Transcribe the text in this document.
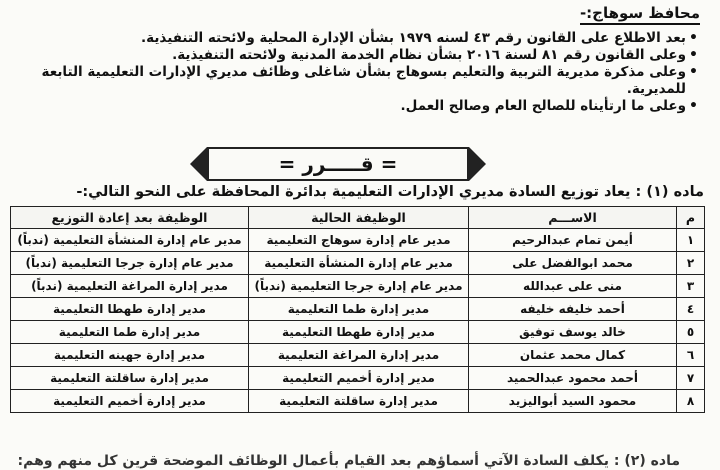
محافظ سوهاج:-
• بعد الاطلاع على القانون رقم ٤٣ لسنه ١٩٧٩ بشأن الإدارة المحلية ولائحته التنفيذية.
• وعلى القانون رقم ٨١ لسنة ٢٠١٦ بشأن نظام الخدمة المدنية ولائحته التنفيذية.
• وعلى مذكرة مديرية التربية والتعليم بسوهاج بشأن شاغلى وظائف مديري الإدارات التعليمية التابعة للمديرية.
• وعلى ما ارتأيناه للصالح العام وصالح العمل.
= قـــــرر =
ماده (١) : يعاد توزيع السادة مديري الإدارات التعليمية بدائرة المحافظة على النحو التالي:-
م	الاســـم	الوظيفة الحالية	الوظيفة بعد إعادة التوزيع
١	أيمن تمام عبدالرحيم	مدير عام إدارة سوهاج التعليمية	مدير عام إدارة المنشأة التعليمية (ندباً)
٢	محمد ابوالفضل على	مدير عام إدارة المنشأة التعليمية	مدير عام إدارة جرجا التعليمية (ندباً)
٣	منى على عبدالله	مدير عام إدارة جرجا التعليمية (ندباً)	مدير إدارة المراغة التعليمية (ندباً)
٤	أحمد خليفه خليفه	مدير إدارة طما التعليمية	مدير إدارة طهطا التعليمية
٥	خالد يوسف توفيق	مدير إدارة طهطا التعليمية	مدير إدارة طما التعليمية
٦	كمال محمد عثمان	مدير إدارة المراغة التعليمية	مدير إدارة جهينه التعليمية
٧	أحمد محمود عبدالحميد	مدير إدارة أخميم التعليمية	مدير إدارة ساقلتة التعليمية
٨	محمود السيد أبواليزيد	مدير إدارة ساقلتة التعليمية	مدير إدارة أخميم التعليمية
ماده (٢) : يكلف السادة الآتي أسماؤهم بعد القيام بأعمال الوظائف الموضحة قرين كل منهم وهم:
